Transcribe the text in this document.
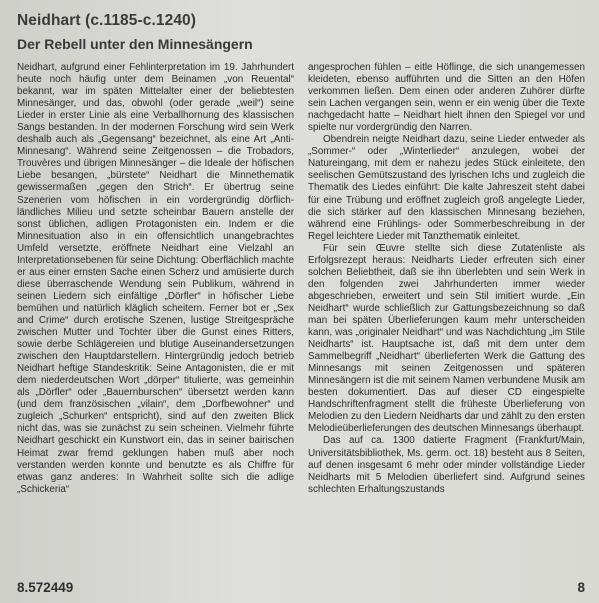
Neidhart (c.1185-c.1240)
Der Rebell unter den Minnesängern

Neidhart, aufgrund einer Fehlinterpretation im 19. Jahrhundert heute noch häufig unter dem Beinamen „von Reuental“ bekannt, war im späten Mittelalter einer der beliebtesten Minnesänger, und das, obwohl (oder gerade „weil“) seine Lieder in erster Linie als eine Verballhornung des klassischen Sangs bestanden. In der modernen Forschung wird sein Werk deshalb auch als „Gegensang“ bezeichnet, als eine Art „Anti-Minnesang“. Während seine Zeitgenossen – die Trobadors, Trouvères und übrigen Minnesänger – die Ideale der höfischen Liebe besangen, „bürstete“ Neidhart die Minnethematik gewissermaßen „gegen den Strich“. Er übertrug seine Szenerien vom höfischen in ein vordergründig dörflich-ländliches Milieu und setzte scheinbar Bauern anstelle der sonst üblichen, adligen Protagonisten ein. Indem er die Minnesituation also in ein offensichtlich unangebrachtes Umfeld versetzte, eröffnete Neidhart eine Vielzahl an Interpretationsebenen für seine Dichtung: Oberflächlich machte er aus einer ernsten Sache einen Scherz und amüsierte durch diese überraschende Wendung sein Publikum, während in seinen Liedern sich einfältige „Dörfler“ in höfischer Liebe bemühen und natürlich kläglich scheitern. Ferner bot er „Sex and Crime“ durch erotische Szenen, lustige Streitgespräche zwischen Mutter und Tochter über die Gunst eines Ritters, sowie derbe Schlägereien und blutige Auseinandersetzungen zwischen den Hauptdarstellern. Hintergründig jedoch betrieb Neidhart heftige Standeskritik: Seine Antagonisten, die er mit dem niederdeutschen Wort „dörper“ titulierte, was gemeinhin als „Dörfler“ oder „Bauernburschen“ übersetzt werden kann (und dem französischen „vilain“, dem „Dorfbewohner“ und zugleich „Schurken“ entspricht), sind auf den zweiten Blick nicht das, was sie zunächst zu sein scheinen. Vielmehr führte Neidhart geschickt ein Kunstwort ein, das in seiner bairischen Heimat zwar fremd geklungen haben muß aber noch verstanden werden konnte und benutzte es als Chiffre für etwas ganz anderes: In Wahrheit sollte sich die adlige „Schickeria“

angesprochen fühlen – eitle Höflinge, die sich unangemessen kleideten, ebenso aufführten und die Sitten an den Höfen verkommen ließen. Dem einen oder anderen Zuhörer dürfte sein Lachen vergangen sein, wenn er ein wenig über die Texte nachgedacht hatte – Neidhart hielt ihnen den Spiegel vor und spielte nur vordergründig den Narren.

Obendrein neigte Neidhart dazu, seine Lieder entweder als „Sommer-“ oder „Winterlieder“ anzulegen, wobei der Natureingang, mit dem er nahezu jedes Stück einleitete, den seelischen Gemütszustand des lyrischen Ichs und zugleich die Thematik des Liedes einführt: Die kalte Jahreszeit steht dabei für eine Trübung und eröffnet zugleich groß angelegte Lieder, die sich stärker auf den klassischen Minnesang beziehen, während eine Frühlings- oder Sommerbeschreibung in der Regel leichtere Lieder mit Tanzthematik einleitet.

Für sein Œuvre stellte sich diese Zutatenliste als Erfolgsrezept heraus: Neidharts Lieder erfreuten sich einer solchen Beliebtheit, daß sie ihn überlebten und sein Werk in den folgenden zwei Jahrhunderten immer wieder abgeschrieben, erweitert und sein Stil imitiert wurde. „Ein Neidhart“ wurde schließlich zur Gattungsbezeichnung so daß man bei späten Überlieferungen kaum mehr unterscheiden kann, was „originaler Neidhart“ und was Nachdichtung „im Stile Neidharts“ ist. Hauptsache ist, daß mit dem unter dem Sammelbegriff „Neidhart“ überlieferten Werk die Gattung des Minnesangs mit seinen Zeitgenossen und späteren Minnesängern ist die mit seinem Namen verbundene Musik am besten dokumentiert. Das auf dieser CD eingespielte Handschriftenfragment stellt die früheste Überlieferung von Melodien zu den Liedern Neidharts dar und zählt zu den ersten Melodieüberlieferungen des deutschen Minnesangs überhaupt.

Das auf ca. 1300 datierte Fragment (Frankfurt/Main, Universitätsbibliothek, Ms. germ. oct. 18) besteht aus 8 Seiten, auf denen insgesamt 6 mehr oder minder vollständige Lieder Neidharts mit 5 Melodien überliefert sind. Aufgrund seines schlechten Erhaltungszustands

8.572449	8
